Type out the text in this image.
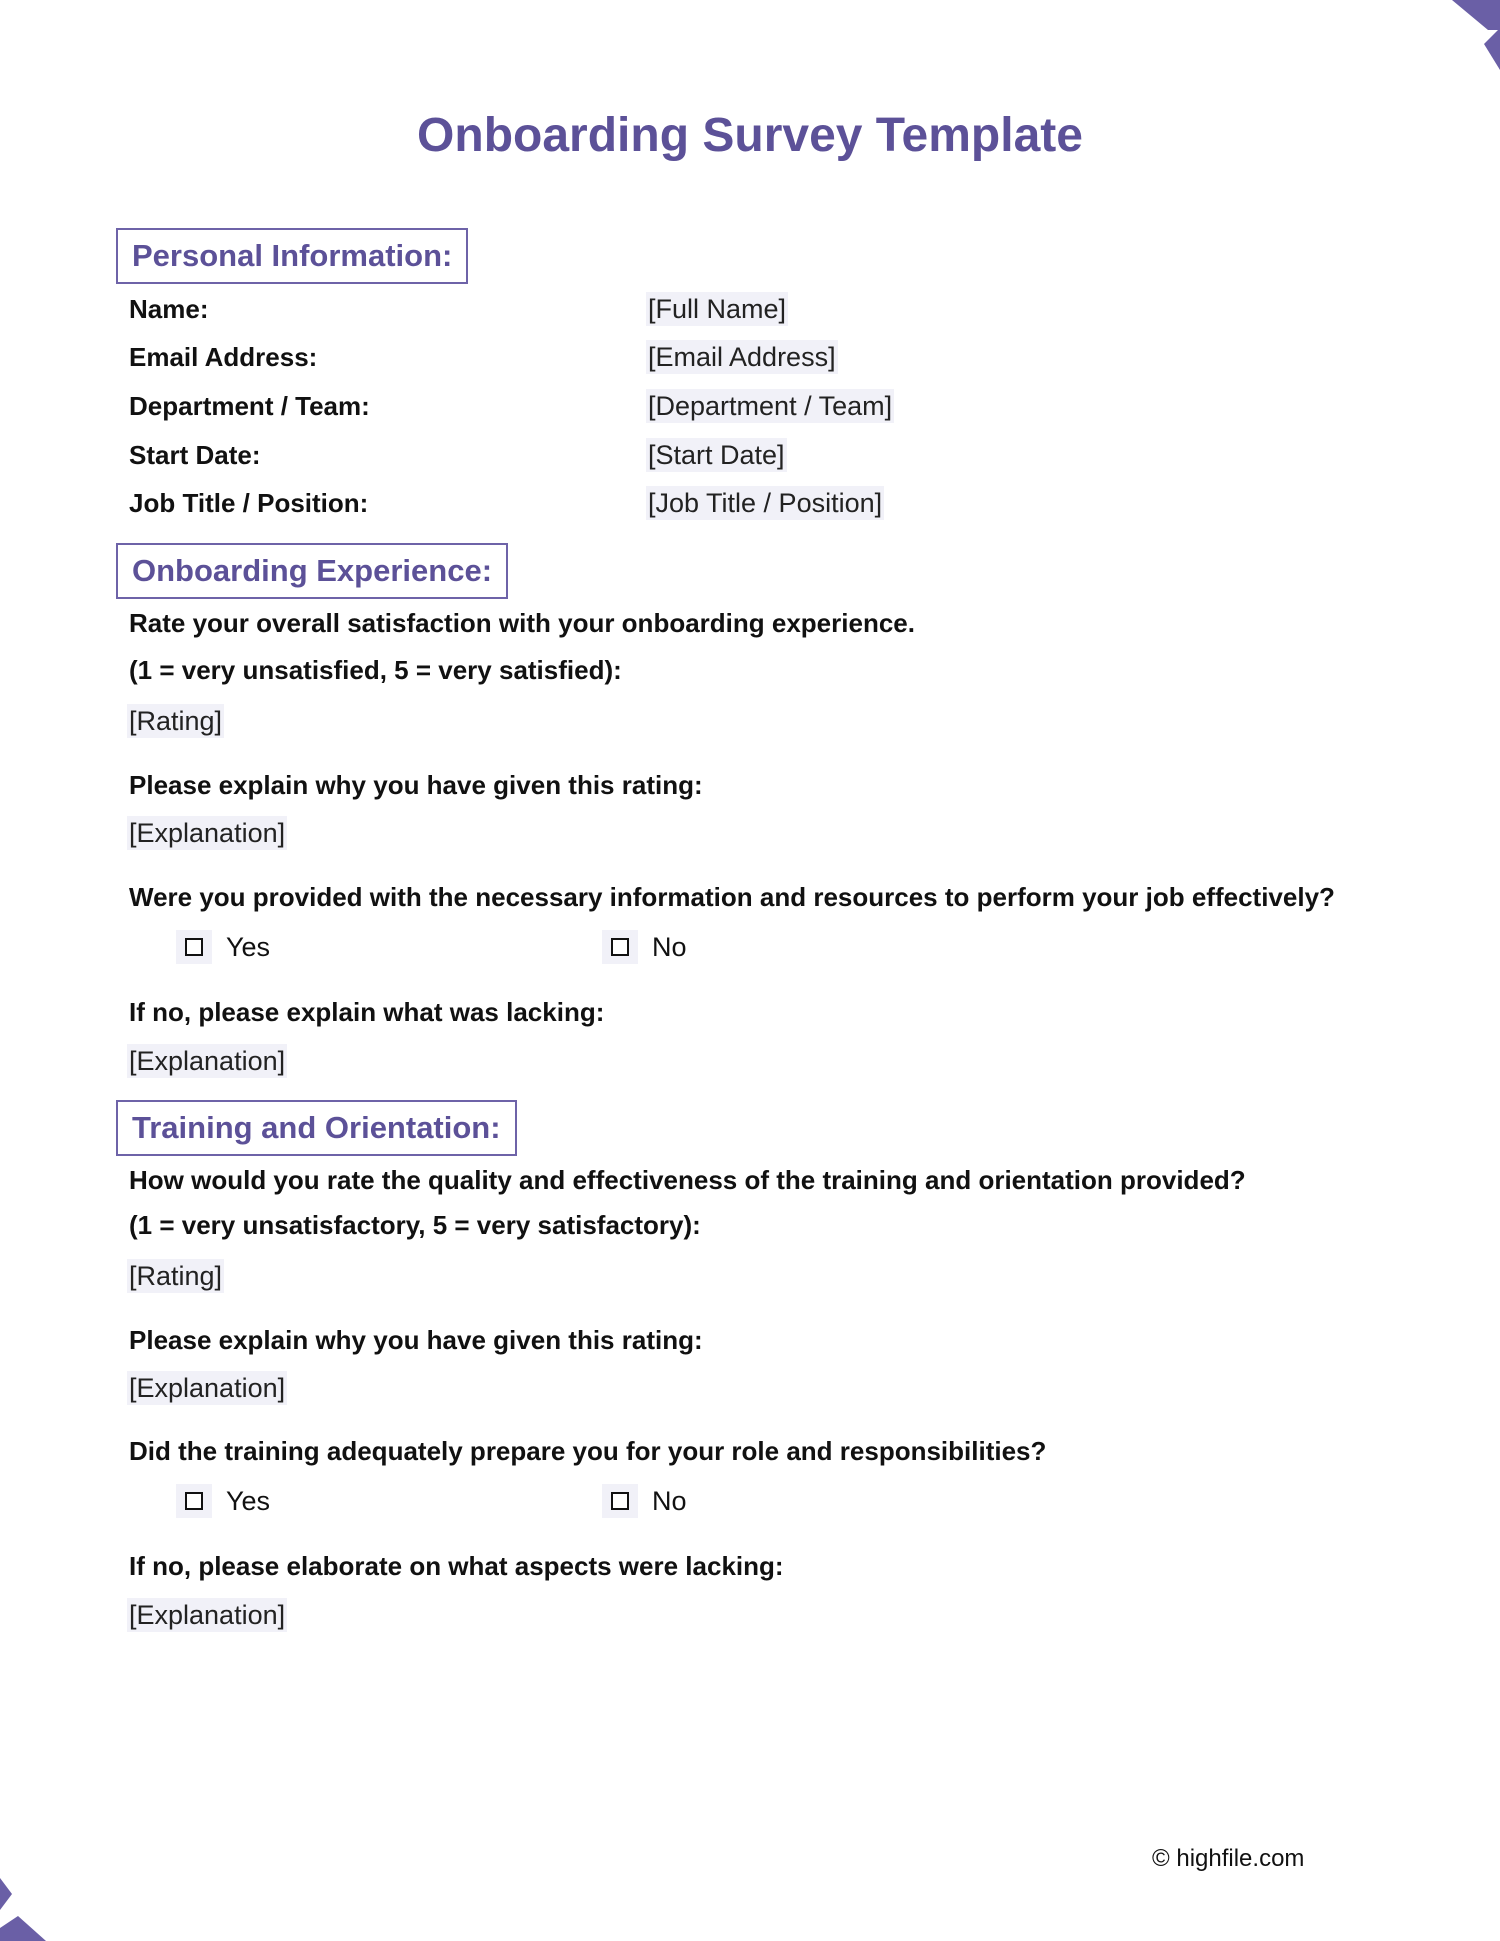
Onboarding Survey Template
Personal Information:
Name:	[Full Name]
Email Address:	[Email Address]
Department / Team:	[Department / Team]
Start Date:	[Start Date]
Job Title / Position:	[Job Title / Position]
Onboarding Experience:
Rate your overall satisfaction with your onboarding experience.
(1 = very unsatisfied, 5 = very satisfied):
[Rating]
Please explain why you have given this rating:
[Explanation]
Were you provided with the necessary information and resources to perform your job effectively?
Yes	No
If no, please explain what was lacking:
[Explanation]
Training and Orientation:
How would you rate the quality and effectiveness of the training and orientation provided?
(1 = very unsatisfactory, 5 = very satisfactory):
[Rating]
Please explain why you have given this rating:
[Explanation]
Did the training adequately prepare you for your role and responsibilities?
Yes	No
If no, please elaborate on what aspects were lacking:
[Explanation]
© highfile.com
